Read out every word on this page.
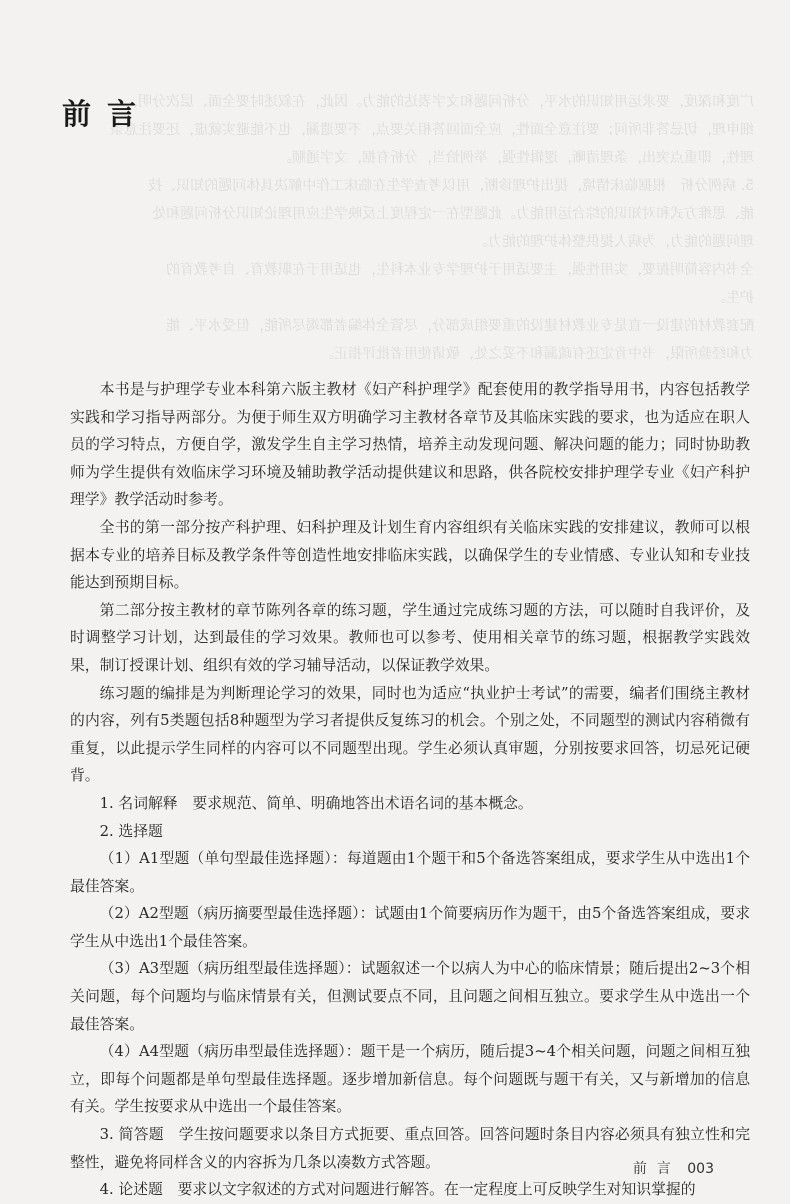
广度和深度，要求运用知识的水平，分析问题和文字表达的能力。因此，在叙述时要全面、层次分明，

细申理，切忌答非所问；要注意全面性，应全面回答相关要点，不要遗漏，也不能避实就虚，还要注意条

理性，即重点突出，条理清晰，逻辑性强，举例恰当，分析有据，文字通顺。

5. 病例分析　根据临床情境，提出护理诊断，用以考查学生在临床工作中解决具体问题的知识、技

能、思维方式和对知识的综合运用能力。此题型在一定程度上反映学生应用理论知识分析问题和处

理问题的能力，为病人提供整体护理的能力。

全书内容简明扼要，实用性强，主要适用于护理学专业本科生，也适用于在职教育、自考教育的

护生。

配套教材的建设一直是专业教材建设的重要组成部分，尽管全体编者都竭尽所能，但受水平、能

力和经验所限，书中肯定还有疏漏和不妥之处，敬请使用者批评指正。

前言

本书是与护理学专业本科第六版主教材《妇产科护理学》配套使用的教学指导用书，内容包括教学实践和学习指导两部分。为便于师生双方明确学习主教材各章节及其临床实践的要求，也为适应在职人员的学习特点，方便自学，激发学生自主学习热情，培养主动发现问题、解决问题的能力；同时协助教师为学生提供有效临床学习环境及辅助教学活动提供建议和思路，供各院校安排护理学专业《妇产科护理学》教学活动时参考。

全书的第一部分按产科护理、妇科护理及计划生育内容组织有关临床实践的安排建议，教师可以根据本专业的培养目标及教学条件等创造性地安排临床实践，以确保学生的专业情感、专业认知和专业技能达到预期目标。

第二部分按主教材的章节陈列各章的练习题，学生通过完成练习题的方法，可以随时自我评价，及时调整学习计划，达到最佳的学习效果。教师也可以参考、使用相关章节的练习题，根据教学实践效果，制订授课计划、组织有效的学习辅导活动，以保证教学效果。

练习题的编排是为判断理论学习的效果，同时也为适应“执业护士考试”的需要，编者们围绕主教材的内容，列有5类题包括8种题型为学习者提供反复练习的机会。个别之处，不同题型的测试内容稍微有重复，以此提示学生同样的内容可以不同题型出现。学生必须认真审题，分别按要求回答，切忌死记硬背。

1. 名词解释　要求规范、简单、明确地答出术语名词的基本概念。

2. 选择题

（1）A1型题（单句型最佳选择题）：每道题由1个题干和5个备选答案组成，要求学生从中选出1个最佳答案。

（2）A2型题（病历摘要型最佳选择题）：试题由1个简要病历作为题干，由5个备选答案组成，要求学生从中选出1个最佳答案。

（3）A3型题（病历组型最佳选择题）：试题叙述一个以病人为中心的临床情景；随后提出2~3个相关问题，每个问题均与临床情景有关，但测试要点不同，且问题之间相互独立。要求学生从中选出一个最佳答案。

（4）A4型题（病历串型最佳选择题）：题干是一个病历，随后提3~4个相关问题，问题之间相互独立，即每个问题都是单句型最佳选择题。逐步增加新信息。每个问题既与题干有关，又与新增加的信息有关。学生按要求从中选出一个最佳答案。

3. 简答题　学生按问题要求以条目方式扼要、重点回答。回答问题时条目内容必须具有独立性和完整性，避免将同样含义的内容拆为几条以凑数方式答题。

4. 论述题　要求以文字叙述的方式对问题进行解答。在一定程度上可反映学生对知识掌握的

前言 003
